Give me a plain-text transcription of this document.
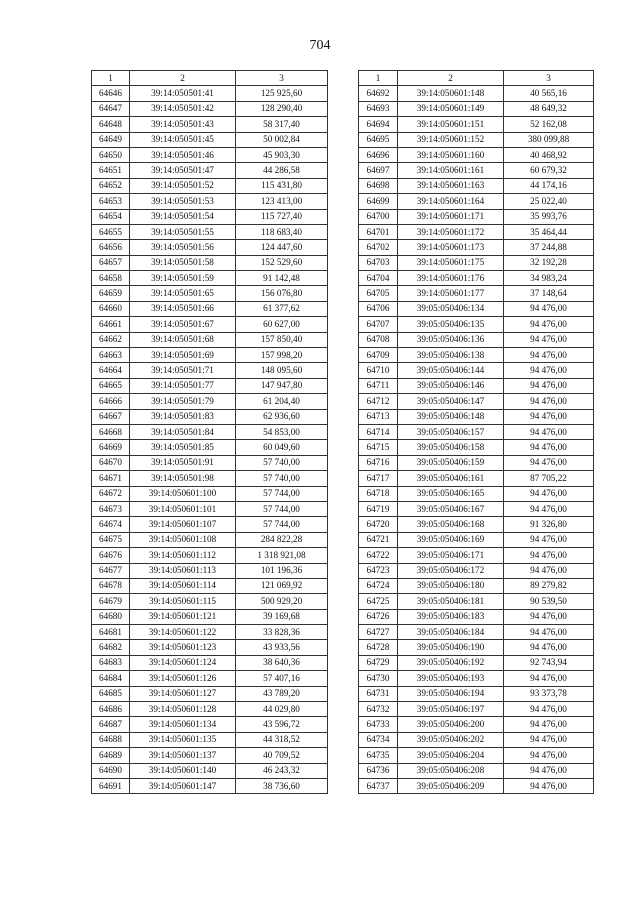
704
1	2	3
64646	39:14:050501:41	125 925,60
64647	39:14:050501:42	128 290,40
64648	39:14:050501:43	58 317,40
64649	39:14:050501:45	50 002,84
64650	39:14:050501:46	45 903,30
64651	39:14:050501:47	44 286,58
64652	39:14:050501:52	115 431,80
64653	39:14:050501:53	123 413,00
64654	39:14:050501:54	115 727,40
64655	39:14:050501:55	118 683,40
64656	39:14:050501:56	124 447,60
64657	39:14:050501:58	152 529,60
64658	39:14:050501:59	91 142,48
64659	39:14:050501:65	156 076,80
64660	39:14:050501:66	61 377,62
64661	39:14:050501:67	60 627,00
64662	39:14:050501:68	157 850,40
64663	39:14:050501:69	157 998,20
64664	39:14:050501:71	148 095,60
64665	39:14:050501:77	147 947,80
64666	39:14:050501:79	61 204,40
64667	39:14:050501:83	62 936,60
64668	39:14:050501:84	54 853,00
64669	39:14:050501:85	60 049,60
64670	39:14:050501:91	57 740,00
64671	39:14:050501:98	57 740,00
64672	39:14:050601:100	57 744,00
64673	39:14:050601:101	57 744,00
64674	39:14:050601:107	57 744,00
64675	39:14:050601:108	284 822,28
64676	39:14:050601:112	1 318 921,08
64677	39:14:050601:113	101 196,36
64678	39:14:050601:114	121 069,92
64679	39:14:050601:115	500 929,20
64680	39:14:050601:121	39 169,68
64681	39:14:050601:122	33 828,36
64682	39:14:050601:123	43 933,56
64683	39:14:050601:124	38 640,36
64684	39:14:050601:126	57 407,16
64685	39:14:050601:127	43 789,20
64686	39:14:050601:128	44 029,80
64687	39:14:050601:134	43 596,72
64688	39:14:050601:135	44 318,52
64689	39:14:050601:137	40 709,52
64690	39:14:050601:140	46 243,32
64691	39:14:050601:147	38 736,60
1	2	3
64692	39:14:050601:148	40 565,16
64693	39:14:050601:149	48 649,32
64694	39:14:050601:151	52 162,08
64695	39:14:050601:152	380 099,88
64696	39:14:050601:160	40 468,92
64697	39:14:050601:161	60 679,32
64698	39:14:050601:163	44 174,16
64699	39:14:050601:164	25 022,40
64700	39:14:050601:171	35 993,76
64701	39:14:050601:172	35 464,44
64702	39:14:050601:173	37 244,88
64703	39:14:050601:175	32 192,28
64704	39:14:050601:176	34 983,24
64705	39:14:050601:177	37 148,64
64706	39:05:050406:134	94 476,00
64707	39:05:050406:135	94 476,00
64708	39:05:050406:136	94 476,00
64709	39:05:050406:138	94 476,00
64710	39:05:050406:144	94 476,00
64711	39:05:050406:146	94 476,00
64712	39:05:050406:147	94 476,00
64713	39:05:050406:148	94 476,00
64714	39:05:050406:157	94 476,00
64715	39:05:050406:158	94 476,00
64716	39:05:050406:159	94 476,00
64717	39:05:050406:161	87 705,22
64718	39:05:050406:165	94 476,00
64719	39:05:050406:167	94 476,00
64720	39:05:050406:168	91 326,80
64721	39:05:050406:169	94 476,00
64722	39:05:050406:171	94 476,00
64723	39:05:050406:172	94 476,00
64724	39:05:050406:180	89 279,82
64725	39:05:050406:181	90 539,50
64726	39:05:050406:183	94 476,00
64727	39:05:050406:184	94 476,00
64728	39:05:050406:190	94 476,00
64729	39:05:050406:192	92 743,94
64730	39:05:050406:193	94 476,00
64731	39:05:050406:194	93 373,78
64732	39:05:050406:197	94 476,00
64733	39:05:050406:200	94 476,00
64734	39:05:050406:202	94 476,00
64735	39:05:050406:204	94 476,00
64736	39:05:050406:208	94 476,00
64737	39:05:050406:209	94 476,00
